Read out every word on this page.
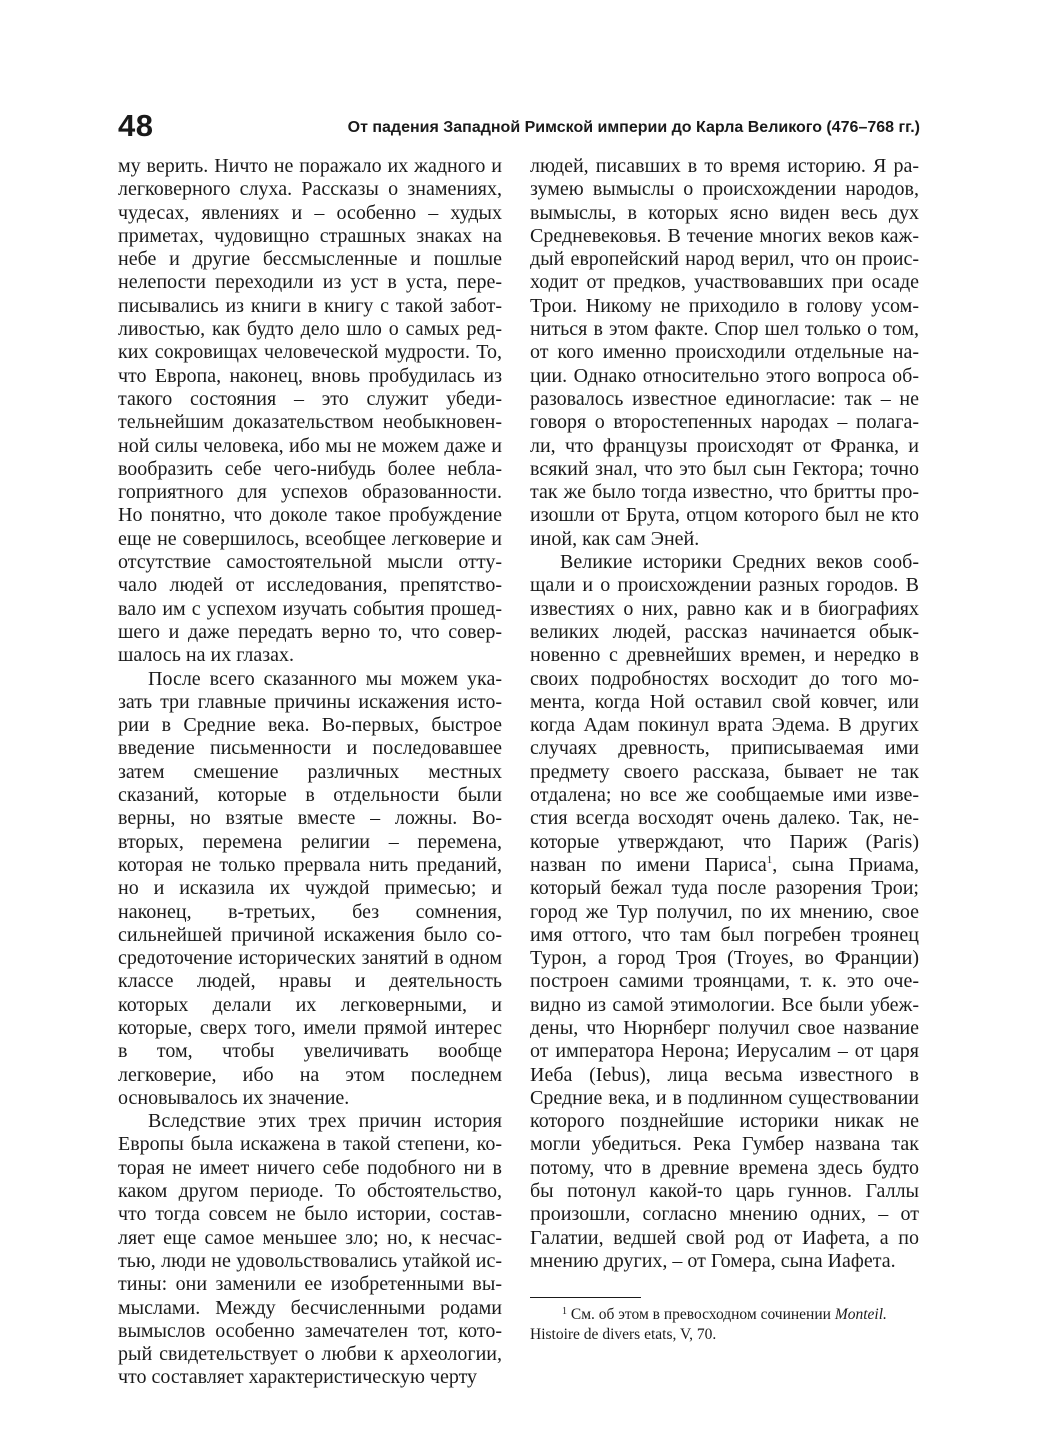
48	От падения Западной Римской империи до Карла Великого (476–768 гг.)

му верить. Ничто не поражало их жадного и легковерного слуха. Рассказы о знамениях, чудесах, явлениях и – особенно – худых приметах, чудовищно страшных знаках на небе и другие бессмысленные и пошлые нелепости переходили из уст в уста, переписывались из книги в книгу с такой заботливостью, как будто дело шло о самых редких сокровищах человеческой мудрости. То, что Европа, наконец, вновь пробудилась из такого состояния – это служит убедительнейшим доказательством необыкновенной силы человека, ибо мы не можем даже и вообразить себе чего-нибудь более неблагоприятного для успехов образованности. Но понятно, что доколе такое пробуждение еще не совершилось, всеобщее легковерие и отсутствие самостоятельной мысли оттучало людей от исследования, препятствовало им с успехом изучать события прошедшего и даже передать верно то, что совершалось на их глазах.

После всего сказанного мы можем указать три главные причины искажения истории в Средние века. Во-первых, быстрое введение письменности и последовавшее затем смешение различных местных сказаний, которые в отдельности были верны, но взятые вместе – ложны. Во-вторых, перемена религии – перемена, которая не только прервала нить преданий, но и исказила их чуждой примесью; и наконец, в-третьих, без сомнения, сильнейшей причиной искажения было сосредоточение исторических занятий в одном классе людей, нравы и деятельность которых делали их легковерными, и которые, сверх того, имели прямой интерес в том, чтобы увеличивать вообще легковерие, ибо на этом последнем основывалось их значение.

Вследствие этих трех причин история Европы была искажена в такой степени, которая не имеет ничего себе подобного ни в каком другом периоде. То обстоятельство, что тогда совсем не было истории, составляет еще самое меньшее зло; но, к несчастью, люди не удовольствовались утайкой истины: они заменили ее изобретенными вымыслами. Между бесчисленными родами вымыслов особенно замечателен тот, который свидетельствует о любви к археологии, что составляет характеристическую черту

людей, писавших в то время историю. Я разумею вымыслы о происхождении народов, вымыслы, в которых ясно виден весь дух Средневековья. В течение многих веков каждый европейский народ верил, что он происходит от предков, участвовавших при осаде Трои. Никому не приходило в голову усомниться в этом факте. Спор шел только о том, от кого именно происходили отдельные нации. Однако относительно этого вопроса образовалось известное единогласие: так – не говоря о второстепенных народах – полагали, что французы происходят от Франка, и всякий знал, что это был сын Гектора; точно так же было тогда известно, что бритты произошли от Брута, отцом которого был не кто иной, как сам Эней.

Великие историки Средних веков сообщали и о происхождении разных городов. В известиях о них, равно как и в биографиях великих людей, рассказ начинается обыкновенно с древнейших времен, и нередко в своих подробностях восходит до того момента, когда Ной оставил свой ковчег, или когда Адам покинул врата Эдема. В других случаях древность, приписываемая ими предмету своего рассказа, бывает не так отдалена; но все же сообщаемые ими известия всегда восходят очень далеко. Так, некоторые утверждают, что Париж (Paris) назван по имени Париса$^1$, сына Приама, который бежал туда после разорения Трои; город же Тур получил, по их мнению, свое имя оттого, что там был погребен троянец Турон, а город Троя (Troyes, во Франции) построен самими троянцами, т. к. это очевидно из самой этимологии. Все были убеждены, что Нюрнберг получил свое название от императора Нерона; Иерусалим – от царя Иеба (Iebus), лица весьма известного в Средние века, и в подлинном существовании которого позднейшие историки никак не могли убедиться. Река Гумбер названа так потому, что в древние времена здесь будто бы потонул какой-то царь гуннов. Галлы произошли, согласно мнению одних, – от Галатии, ведшей свой род от Иафета, а по мнению других, – от Гомера, сына Иафета.

$^1$ См. об этом в превосходном сочинении Monteil. Histoire de divers etats, V, 70.
